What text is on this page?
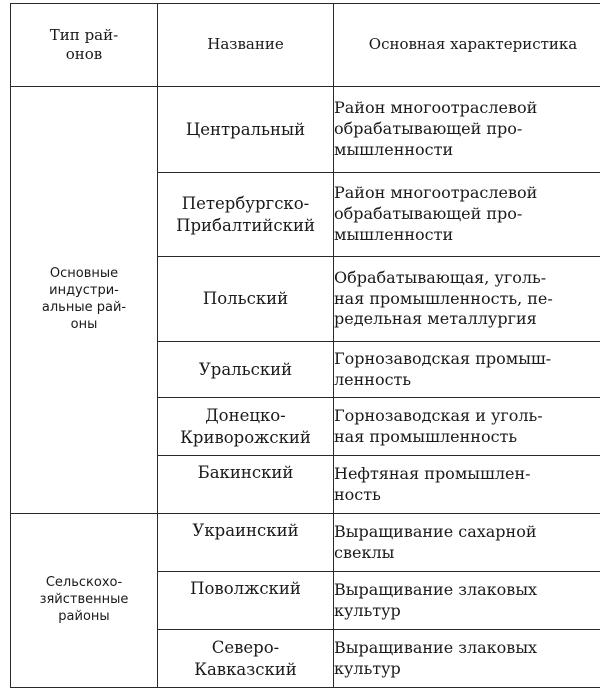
Тип рай-
онов	Название	Основная характеристика
Основные
индустри-
альные рай-
оны	Центральный	Район многоотраслевой
обрабатывающей про-
мышленности

	Петербургско-
Прибалтийский	Район многоотраслевой
обрабатывающей про-
мышленности

	Польский	Обрабатывающая, уголь-
ная промышленность, пе-
редельная металлургия

	Уральский	Горнозаводская промыш-
ленность

	Донецко-
Криворожский	Горнозаводская и уголь-
ная промышленность

	Бакинский	Нефтяная промышлен-
ность

Сельскохо-
зяйственные
районы	Украинский	Выращивание сахарной
свеклы

	Поволжский	Выращивание злаковых
культур

	Северо-
Кавказский	Выращивание злаковых
культур
